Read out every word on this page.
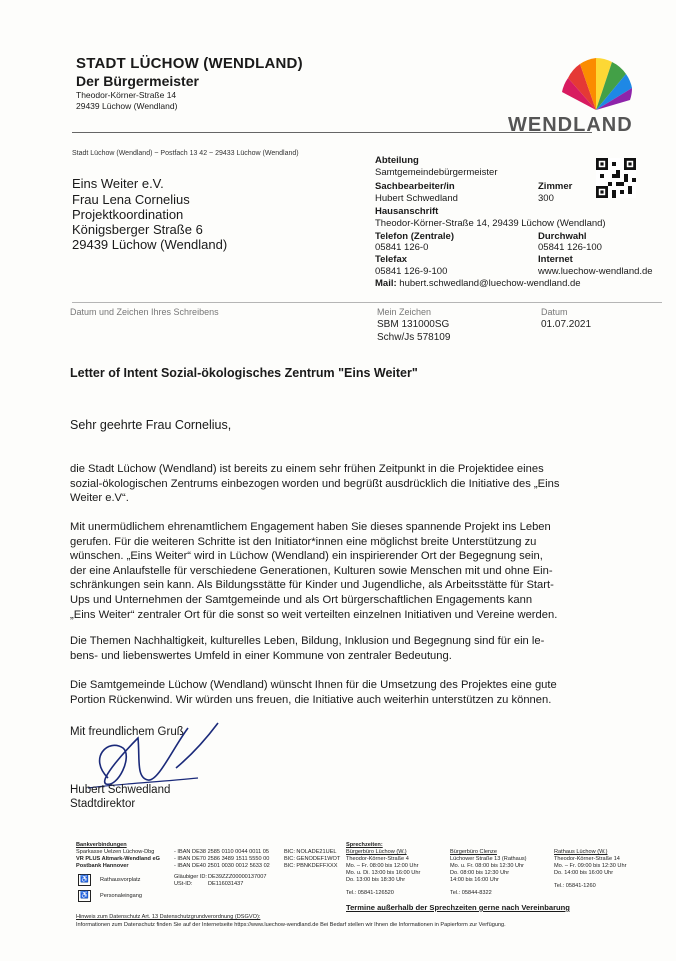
STADT LÜCHOW (WENDLAND)
Der Bürgermeister
Theodor-Körner-Straße 14
29439 Lüchow (Wendland)
WENDLAND
Stadt Lüchow (Wendland) ~ Postfach 13 42 ~ 29433 Lüchow (Wendland)
Eins Weiter e.V.
Frau Lena Cornelius
Projektkoordination
Königsberger Straße 6
29439 Lüchow (Wendland)
Abteilung
Samtgemeindebürgermeister
Sachbearbeiter/in
Hubert Schwedland
Zimmer
300
Hausanschrift
Theodor-Körner-Straße 14, 29439 Lüchow (Wendland)
Telefon (Zentrale)
05841 126-0
Durchwahl
05841 126-100
Telefax
05841 126-9-100
Internet
www.luechow-wendland.de
Mail: hubert.schwedland@luechow-wendland.de
Datum und Zeichen Ihres Schreibens	Mein Zeichen
SBM 131000SG
Schw/Js 578109
Datum
01.07.2021
Letter of Intent Sozial-ökologisches Zentrum "Eins Weiter"
Sehr geehrte Frau Cornelius,
die Stadt Lüchow (Wendland) ist bereits zu einem sehr frühen Zeitpunkt in die Projektidee eines
sozial-ökologischen Zentrums einbezogen worden und begrüßt ausdrücklich die Initiative des „Eins
Weiter e.V“.
Mit unermüdlichem ehrenamtlichem Engagement haben Sie dieses spannende Projekt ins Leben
gerufen. Für die weiteren Schritte ist den Initiator*innen eine möglichst breite Unterstützung zu
wünschen. „Eins Weiter“ wird in Lüchow (Wendland) ein inspirierender Ort der Begegnung sein,
der eine Anlaufstelle für verschiedene Generationen, Kulturen sowie Menschen mit und ohne Ein-
schränkungen sein kann. Als Bildungsstätte für Kinder und Jugendliche, als Arbeitsstätte für Start-
Ups und Unternehmen der Samtgemeinde und als Ort bürgerschaftlichen Engagements kann
„Eins Weiter“ zentraler Ort für die sonst so weit verteilten einzelnen Initiativen und Vereine werden.
Die Themen Nachhaltigkeit, kulturelles Leben, Bildung, Inklusion und Begegnung sind für ein le-
bens- und liebenswertes Umfeld in einer Kommune von zentraler Bedeutung.
Die Samtgemeinde Lüchow (Wendland) wünscht Ihnen für die Umsetzung des Projektes eine gute
Portion Rückenwind. Wir würden uns freuen, die Initiative auch weiterhin unterstützen zu können.
Mit freundlichem Gruß
Hubert Schwedland
Stadtdirektor
Bankverbindungen
Sparkasse Uelzen Lüchow-Dbg	- IBAN DE38 2585 0110 0044 0011 05	BIC: NOLADE21UEL
VR PLUS Altmark-Wendland eG	- IBAN DE70 2586 3489 1511 5550 00	BIC: GENODEF1WOT
Postbank Hannover	- IBAN DE40 2501 0030 0012 5633 02	BIC: PBNKDEFFXXX
Gläubiger ID: DE39ZZZ00000137007
USt-ID:	DE116031437
♿	Rathausvorplatz
♿	Personaleingang
Sprechzeiten:
Bürgerbüro Lüchow (W.)
Theodor-Körner-Straße 4
Mo. – Fr. 08:00 bis 12:00 Uhr
Mo. u. Di. 13:00 bis 16:00 Uhr
Do. 13:00 bis 18:30 Uhr
Tel.: 05841-126520
Bürgerbüro Clenze
Lüchower Straße 13 (Rathaus)
Mo. u. Fr. 08:00 bis 12:30 Uhr
Do. 08:00 bis 12:30 Uhr
14:00 bis 16:00 Uhr
Tel.: 05844-8322
Rathaus Lüchow (W.)
Theodor-Körner-Straße 14
Mo. – Fr. 09:00 bis 12:30 Uhr
Do. 14:00 bis 16:00 Uhr
Tel.: 05841-1260
Termine außerhalb der Sprechzeiten gerne nach Vereinbarung
Hinweis zum Datenschutz Art. 13 Datenschutzgrundverordnung (DSGVO):
Informationen zum Datenschutz finden Sie auf der Internetseite https://www.luechow-wendland.de Bei Bedarf stellen wir Ihnen die Informationen in Papierform zur Verfügung.
